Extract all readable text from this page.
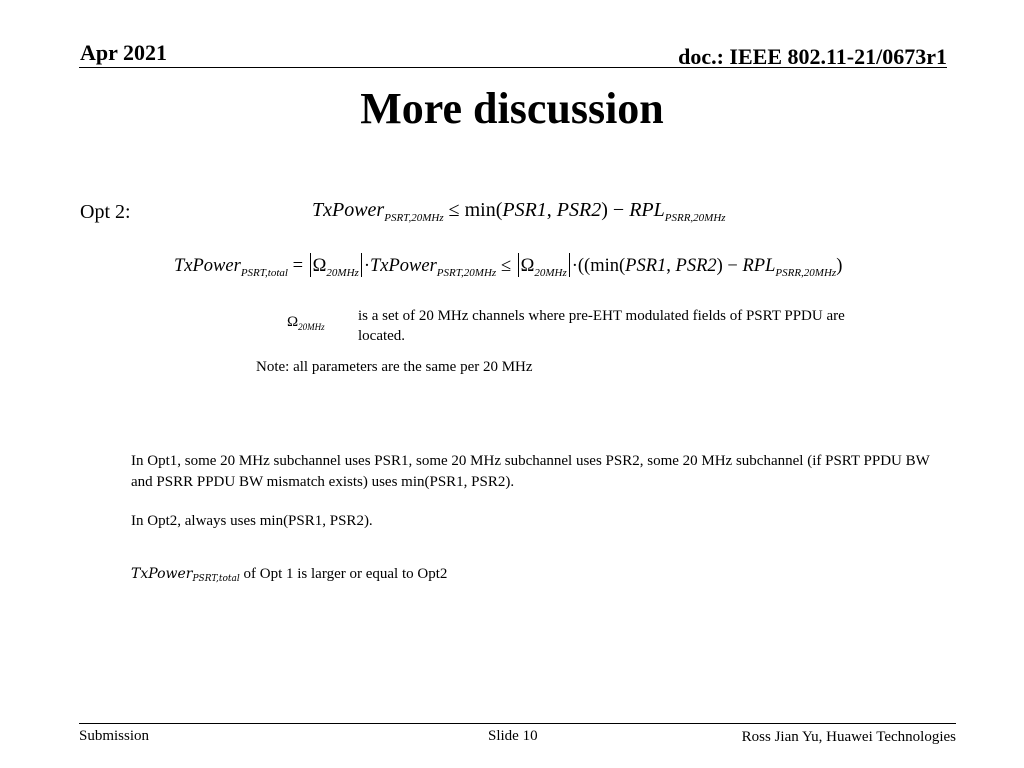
Apr 2021	doc.: IEEE 802.11-21/0673r1
More discussion
Opt 2:	TxPower$_{PSRT,20MHz}$ ≤ min(PSR1, $PSR2) - RPL_{PSRR,20MHz}$
TxPower$_{PSRT,total}$ = $\Omega_{20MHz}$ ·TxPower$_{PSRT,20MHz}$ ≤ $\Omega_{20MHz} \cdot((\min(PSR1$, $PSR2) - RPL_{PSRR,20MHz}$)
$\Omega_{20MHz}$
is a set of 20 MHz channels where pre-EHT modulated fields of PSRT PPDU are located.
Note: all parameters are the same per 20 MHz
In Opt1, some 20 MHz subchannel uses PSR1, some 20 MHz subchannel uses PSR2, some 20 MHz subchannel (if PSRT PPDU BW and PSRR PPDU BW mismatch exists) uses min(PSR1, PSR2).
In Opt2, always uses min(PSR1, PSR2).
TxPower$_{PSRT,total}$ of Opt 1 is larger or equal to Opt2
Submission	Slide 10	Ross Jian Yu, Huawei Technologies
